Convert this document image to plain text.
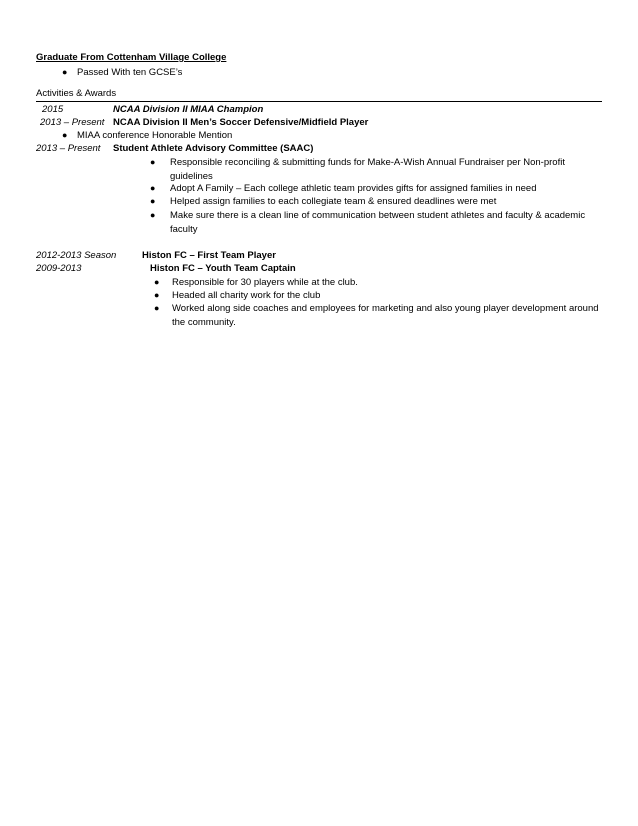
Graduate From Cottenham Village College
● Passed With ten GCSE’s
Activities & Awards
2015	NCAA Division II MIAA Champion
2013 – Present NCAA Division II Men’s Soccer Defensive/Midfield Player
● MIAA conference Honorable Mention
2013 – Present Student Athlete Advisory Committee (SAAC)
● Responsible reconciling & submitting funds for Make-A-Wish Annual Fundraiser per Non-profit guidelines
● Adopt A Family – Each college athletic team provides gifts for assigned families in need
● Helped assign families to each collegiate team & ensured deadlines were met
● Make sure there is a clean line of communication between student athletes and faculty & academic faculty
2012-2013 Season	Histon FC – First Team Player
2009-2013	Histon FC – Youth Team Captain
● Responsible for 30 players while at the club.
● Headed all charity work for the club
● Worked along side coaches and employees for marketing and also young player development around the community.
